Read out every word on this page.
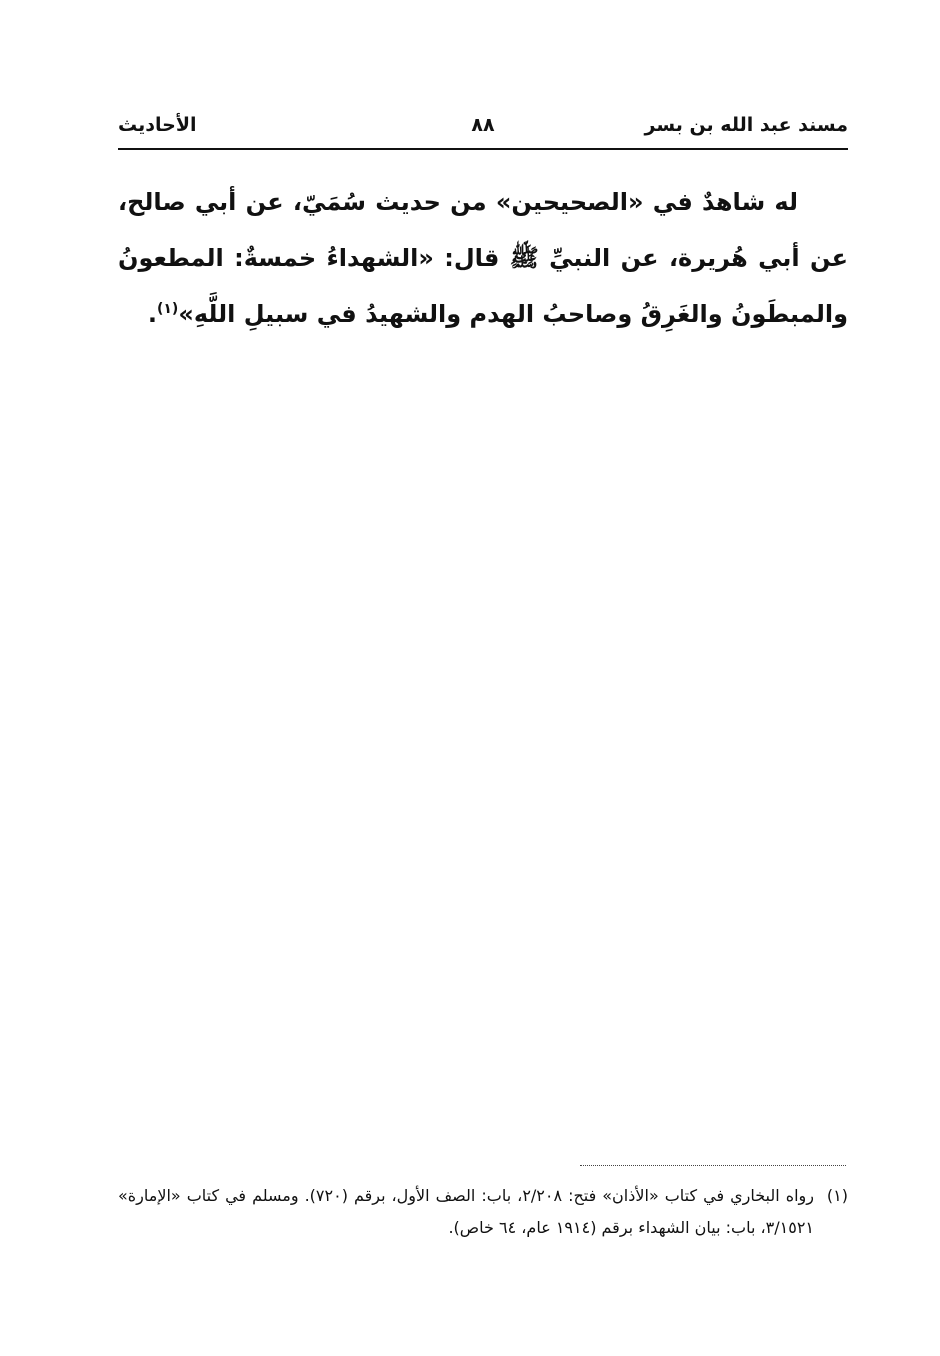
مسند عبد الله بن بسر
٨٨
الأحاديث

له شاهدٌ في «الصحيحين» من حديث سُمَيّ، عن أبي صالح، عن أبي هُريرة، عن النبيِّ ﷺ قال: «الشهداءُ خمسةٌ: المطعونُ والمبطَونُ والغَرِقُ وصاحبُ الهدم والشهيدُ في سبيلِ اللَّهِ»$^{(١)}$.

(١)
رواه البخاري في كتاب «الأذان» فتح: ٢/٢٠٨، باب: الصف الأول، برقم (٧٢٠). ومسلم في كتاب «الإمارة» ٣/١٥٢١، باب: بيان الشهداء برقم (١٩١٤ عام، ٦٤ خاص).
